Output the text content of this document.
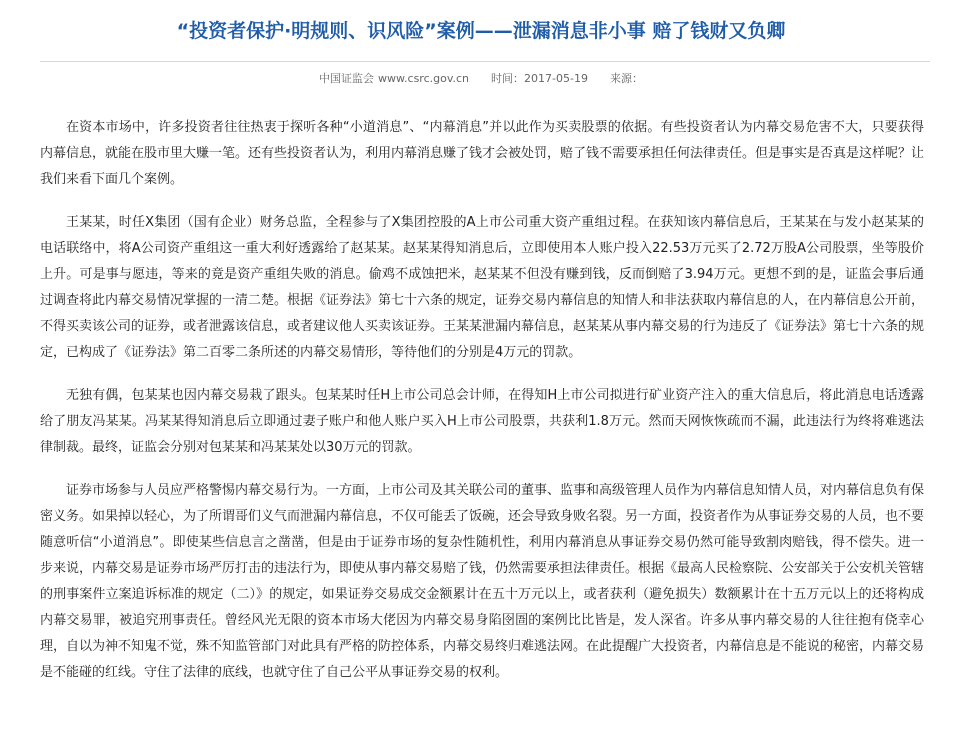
“投资者保护·明规则、识风险”案例——泄漏消息非小事 赔了钱财又负卿
中国证监会 www.csrc.gov.cn 时间：2017-05-19 来源：

在资本市场中，许多投资者往往热衷于探听各种“小道消息”、“内幕消息”并以此作为买卖股票的依据。有些投资者认为内幕交易危害不大，只要获得内幕信息，就能在股市里大赚一笔。还有些投资者认为，利用内幕消息赚了钱才会被处罚，赔了钱不需要承担任何法律责任。但是事实是否真是这样呢？让我们来看下面几个案例。

王某某，时任X集团（国有企业）财务总监，全程参与了X集团控股的A上市公司重大资产重组过程。在获知该内幕信息后，王某某在与发小赵某某的电话联络中，将A公司资产重组这一重大利好透露给了赵某某。赵某某得知消息后，立即使用本人账户投入22.53万元买了2.72万股A公司股票，坐等股价上升。可是事与愿违，等来的竟是资产重组失败的消息。偷鸡不成蚀把米，赵某某不但没有赚到钱，反而倒赔了3.94万元。更想不到的是，证监会事后通过调查将此内幕交易情况掌握的一清二楚。根据《证券法》第七十六条的规定，证券交易内幕信息的知情人和非法获取内幕信息的人，在内幕信息公开前，不得买卖该公司的证券，或者泄露该信息，或者建议他人买卖该证券。王某某泄漏内幕信息，赵某某从事内幕交易的行为违反了《证券法》第七十六条的规定，已构成了《证券法》第二百零二条所述的内幕交易情形，等待他们的分别是4万元的罚款。

无独有偶，包某某也因内幕交易栽了跟头。包某某时任H上市公司总会计师，在得知H上市公司拟进行矿业资产注入的重大信息后，将此消息电话透露给了朋友冯某某。冯某某得知消息后立即通过妻子账户和他人账户买入H上市公司股票，共获利1.8万元。然而天网恢恢疏而不漏，此违法行为终将难逃法律制裁。最终，证监会分别对包某某和冯某某处以30万元的罚款。

证券市场参与人员应严格警惕内幕交易行为。一方面，上市公司及其关联公司的董事、监事和高级管理人员作为内幕信息知情人员，对内幕信息负有保密义务。如果掉以轻心，为了所谓哥们义气而泄漏内幕信息，不仅可能丢了饭碗，还会导致身败名裂。另一方面，投资者作为从事证券交易的人员，也不要随意听信“小道消息”。即使某些信息言之凿凿，但是由于证券市场的复杂性随机性，利用内幕消息从事证券交易仍然可能导致割肉赔钱，得不偿失。进一步来说，内幕交易是证券市场严厉打击的违法行为，即使从事内幕交易赔了钱，仍然需要承担法律责任。根据《最高人民检察院、公安部关于公安机关管辖的刑事案件立案追诉标准的规定（二）》的规定，如果证券交易成交金额累计在五十万元以上，或者获利（避免损失）数额累计在十五万元以上的还将构成内幕交易罪，被追究刑事责任。曾经风光无限的资本市场大佬因为内幕交易身陷囹圄的案例比比皆是，发人深省。许多从事内幕交易的人往往抱有侥幸心理，自以为神不知鬼不觉，殊不知监管部门对此具有严格的防控体系，内幕交易终归难逃法网。在此提醒广大投资者，内幕信息是不能说的秘密，内幕交易是不能碰的红线。守住了法律的底线，也就守住了自己公平从事证券交易的权利。
